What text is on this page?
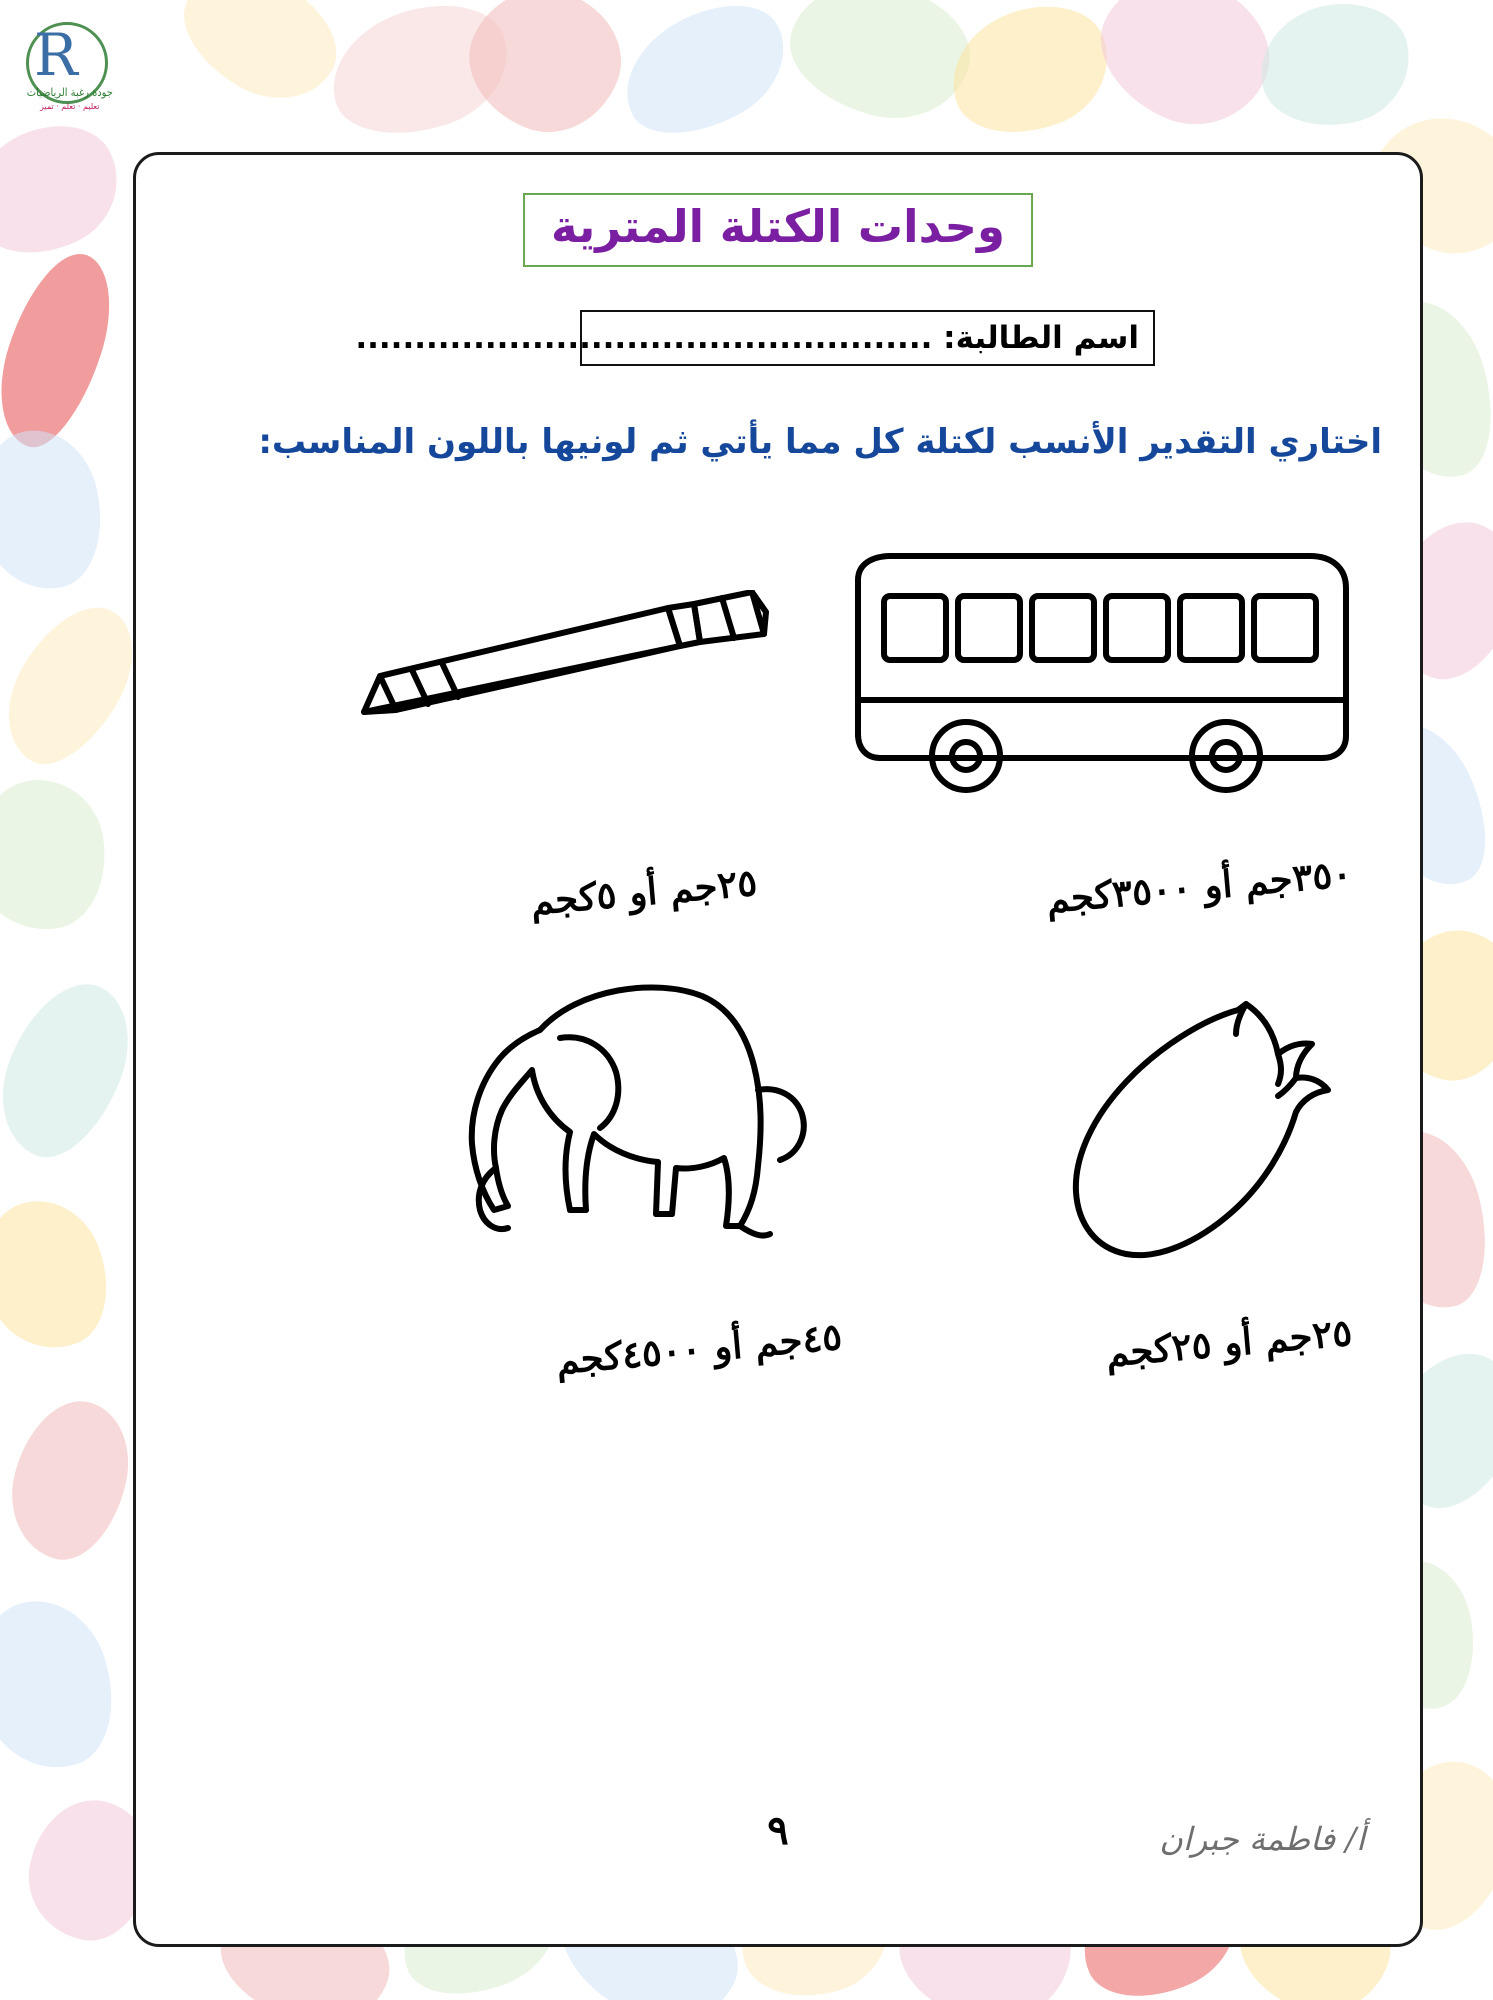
R
جودة رغبة الرياضيات
تعليم · تعلم · تميز
وحدات الكتلة المترية
اسم الطالبة: .................................................
اختاري التقدير الأنسب لكتلة كل مما يأتي ثم لونيها باللون المناسب:
٣٥٠جم أو ٣٥٠٠كجم
٢٥جم أو ٥كجم
٤٥جم أو ٤٥٠٠كجم	٢٥جم أو ٢٥كجم
٩	أ/ فاطمة جبران
